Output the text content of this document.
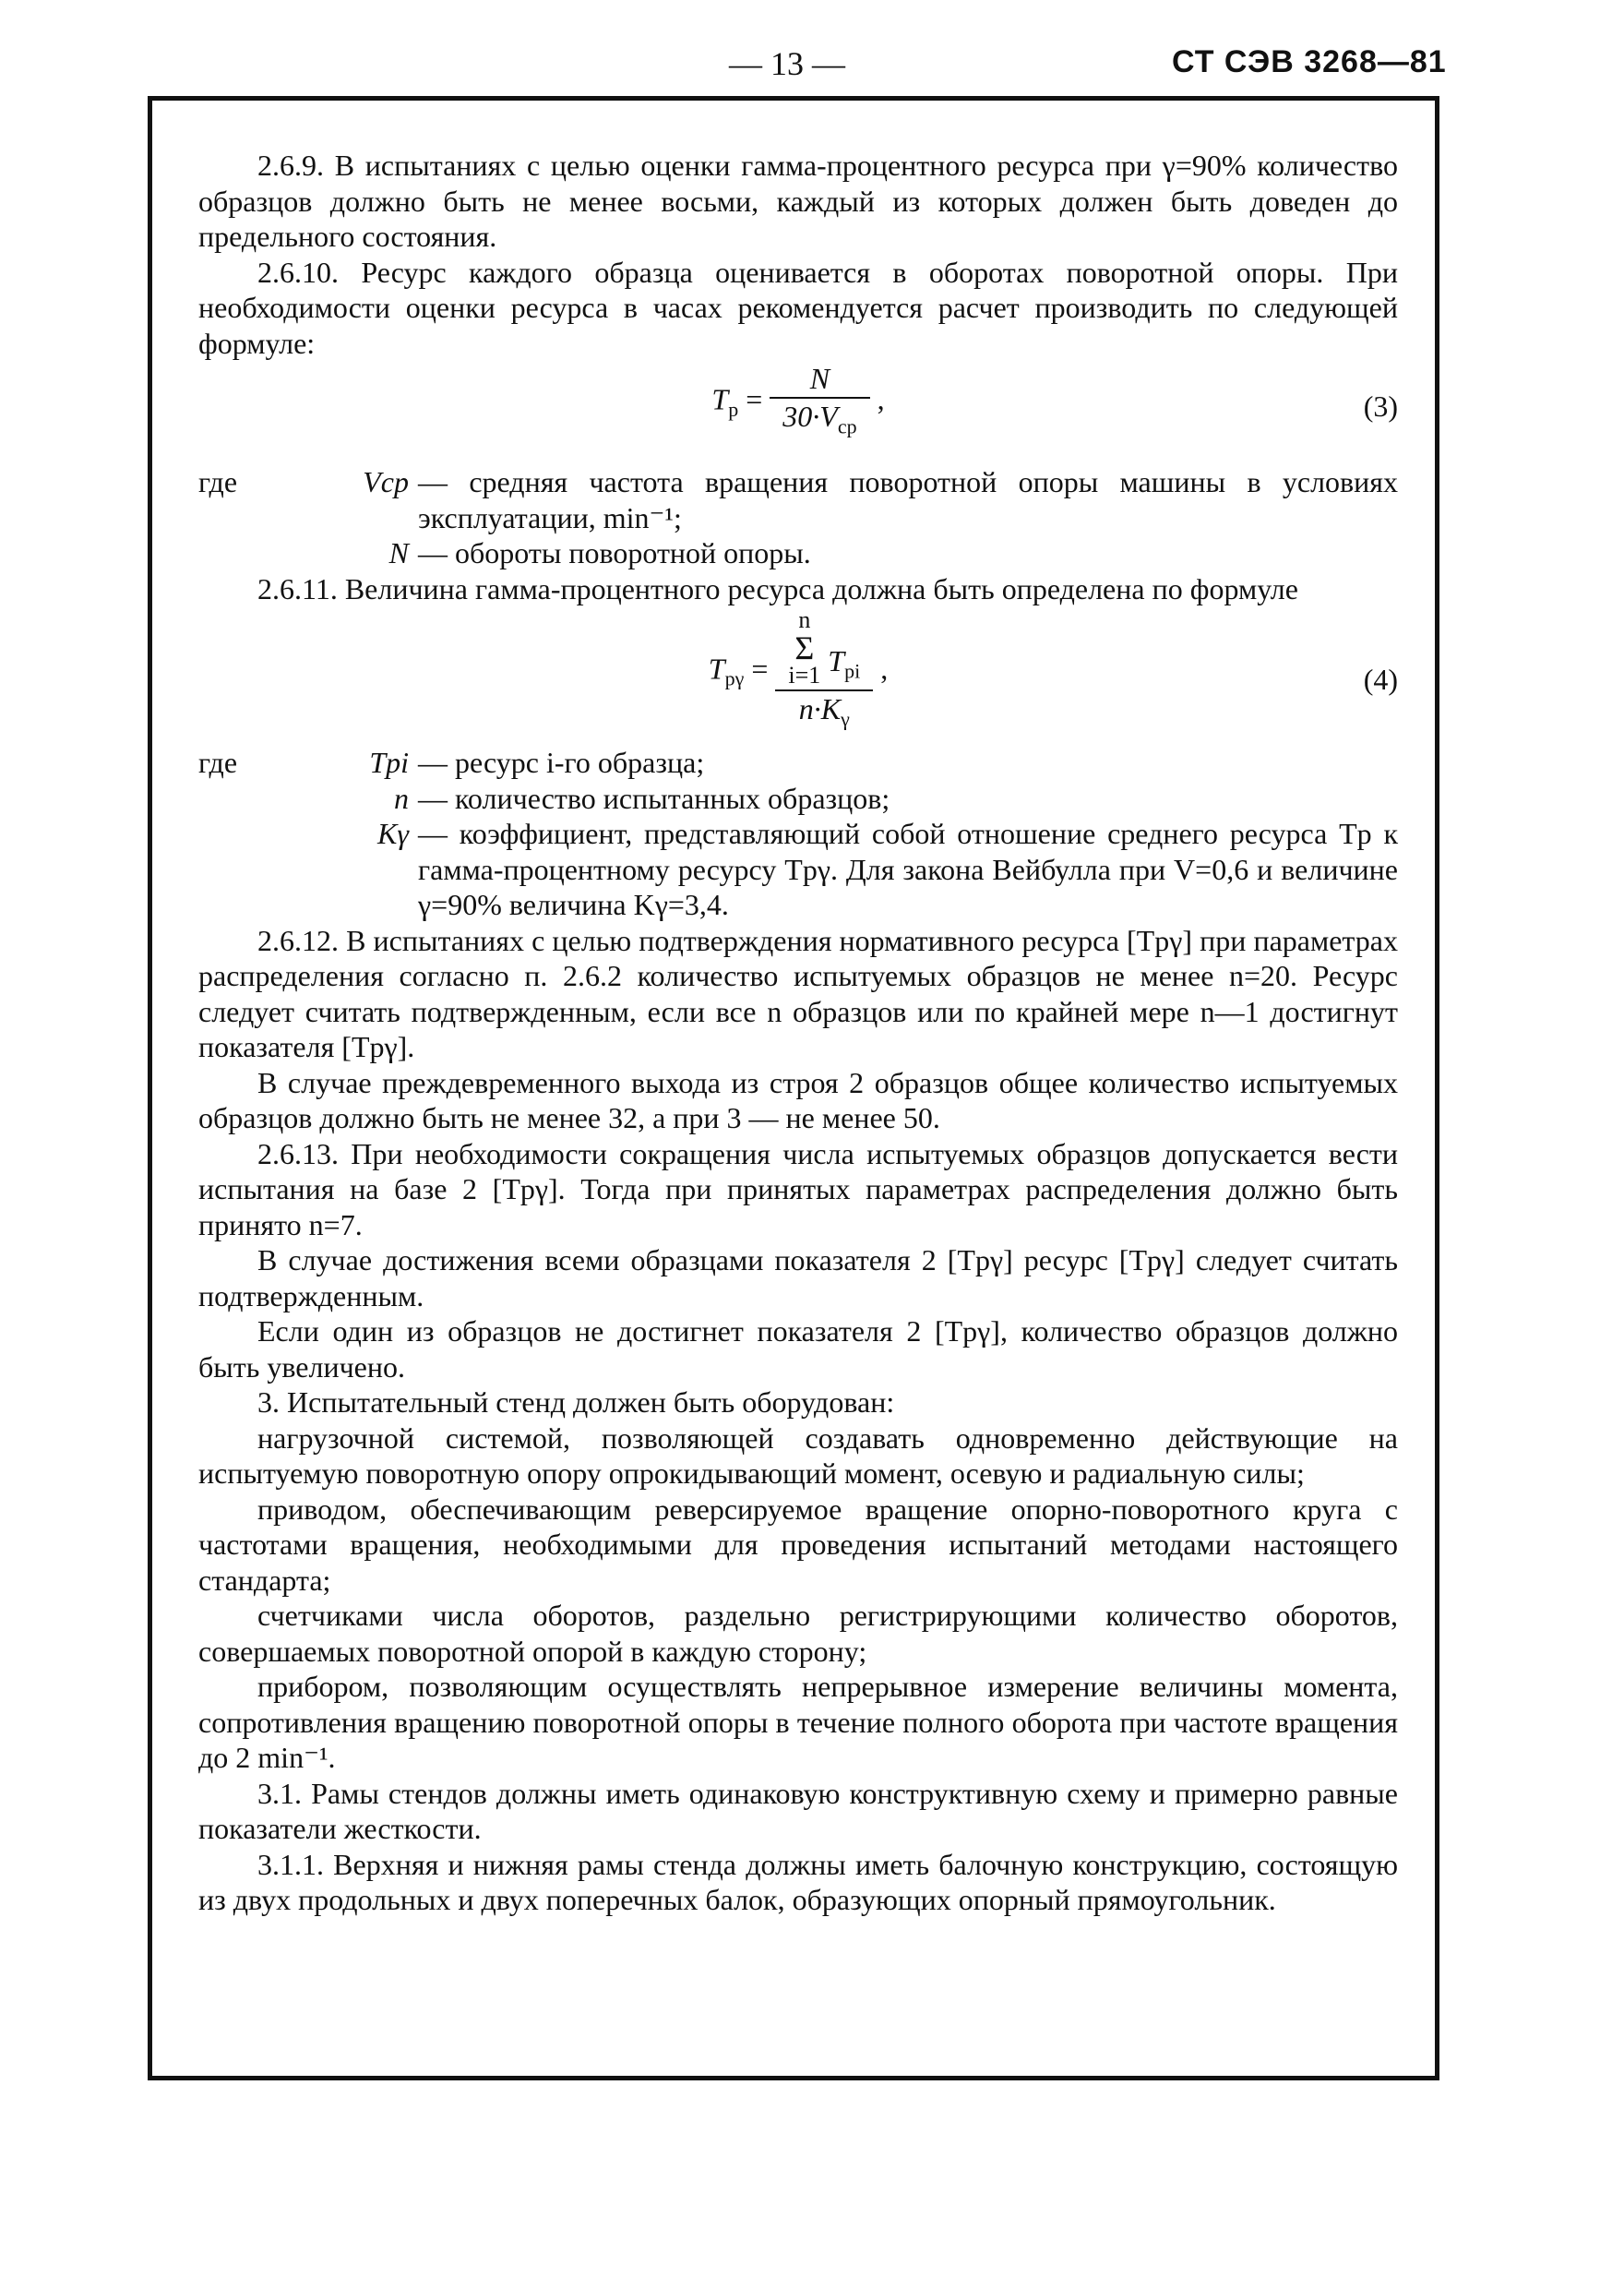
— 13 —	СТ СЭВ 3268—81

2.6.9. В испытаниях с целью оценки гамма-процентного ресурса при γ=90% количество образцов должно быть не менее восьми, каждый из которых должен быть доведен до предельного состояния.

2.6.10. Ресурс каждого образца оценивается в оборотах поворотной опоры. При необходимости оценки ресурса в часах рекомендуется расчет производить по следующей формуле:

$T_р = \frac{N}{30\cdot V_{ср}}$ ,	(3)
где	Vср — средняя частота вращения поворотной опоры машины в условиях эксплуатации, min⁻¹;
N — обороты поворотной опоры.

2.6.11. Величина гамма-процентного ресурса должна быть определена по формуле

$T_{р\gamma} = n$
Σ
i=1 $T_{рi}$
$n\cdot K_\gamma$ ,	(4)
где	Tрi — ресурс i-го образца;
n — количество испытанных образцов;
Kγ — коэффициент, представляющий собой отношение среднего ресурса Tр к гамма-процентному ресурсу Tрγ. Для закона Вейбулла при V=0,6 и величине γ=90% величина Kγ=3,4.

2.6.12. В испытаниях с целью подтверждения нормативного ресурса [Tрγ] при параметрах распределения согласно п. 2.6.2 количество испытуемых образцов не менее n=20. Ресурс следует считать подтвержденным, если все n образцов или по крайней мере n—1 достигнут показателя [Tрγ].

В случае преждевременного выхода из строя 2 образцов общее количество испытуемых образцов должно быть не менее 32, а при 3 — не менее 50.

2.6.13. При необходимости сокращения числа испытуемых образцов допускается вести испытания на базе 2 [Tрγ]. Тогда при принятых параметрах распределения должно быть принято n=7.

В случае достижения всеми образцами показателя 2 [Tрγ] ресурс [Tрγ] следует считать подтвержденным.

Если один из образцов не достигнет показателя 2 [Tрγ], количество образцов должно быть увеличено.

3. Испытательный стенд должен быть оборудован:

нагрузочной системой, позволяющей создавать одновременно действующие на испытуемую поворотную опору опрокидывающий момент, осевую и радиальную силы;

приводом, обеспечивающим реверсируемое вращение опорно-поворотного круга с частотами вращения, необходимыми для проведения испытаний методами настоящего стандарта;

счетчиками числа оборотов, раздельно регистрирующими количество оборотов, совершаемых поворотной опорой в каждую сторону;

прибором, позволяющим осуществлять непрерывное измерение величины момента, сопротивления вращению поворотной опоры в течение полного оборота при частоте вращения до 2 min⁻¹.

3.1. Рамы стендов должны иметь одинаковую конструктивную схему и примерно равные показатели жесткости.

3.1.1. Верхняя и нижняя рамы стенда должны иметь балочную конструкцию, состоящую из двух продольных и двух поперечных балок, образующих опорный прямоугольник.
